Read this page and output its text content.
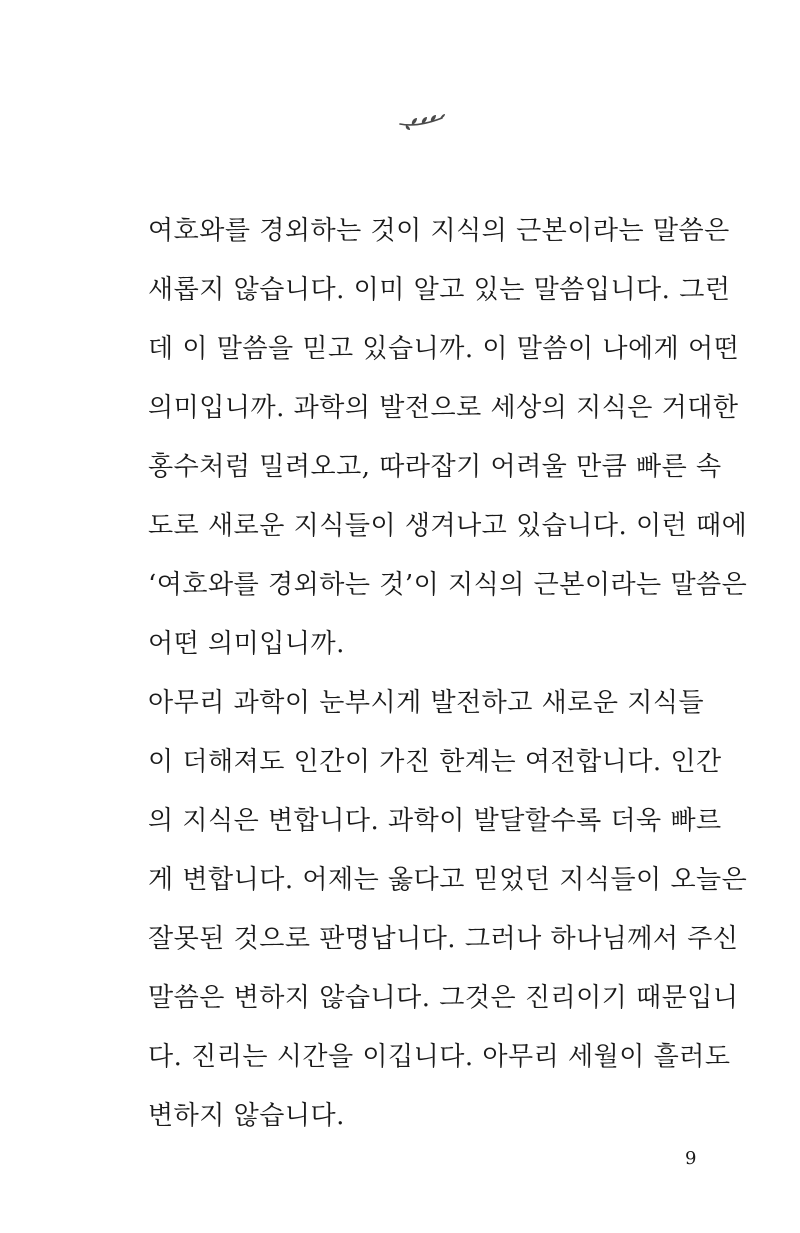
여호와를 경외하는 것이 지식의 근본이라는 말씀은
새롭지 않습니다. 이미 알고 있는 말씀입니다. 그런
데 이 말씀을 믿고 있습니까. 이 말씀이 나에게 어떤
의미입니까. 과학의 발전으로 세상의 지식은 거대한
홍수처럼 밀려오고, 따라잡기 어려울 만큼 빠른 속
도로 새로운 지식들이 생겨나고 있습니다. 이런 때에
‘여호와를 경외하는 것’이 지식의 근본이라는 말씀은
어떤 의미입니까.
아무리 과학이 눈부시게 발전하고 새로운 지식들
이 더해져도 인간이 가진 한계는 여전합니다. 인간
의 지식은 변합니다. 과학이 발달할수록 더욱 빠르
게 변합니다. 어제는 옳다고 믿었던 지식들이 오늘은
잘못된 것으로 판명납니다. 그러나 하나님께서 주신
말씀은 변하지 않습니다. 그것은 진리이기 때문입니
다. 진리는 시간을 이깁니다. 아무리 세월이 흘러도
변하지 않습니다.
9
